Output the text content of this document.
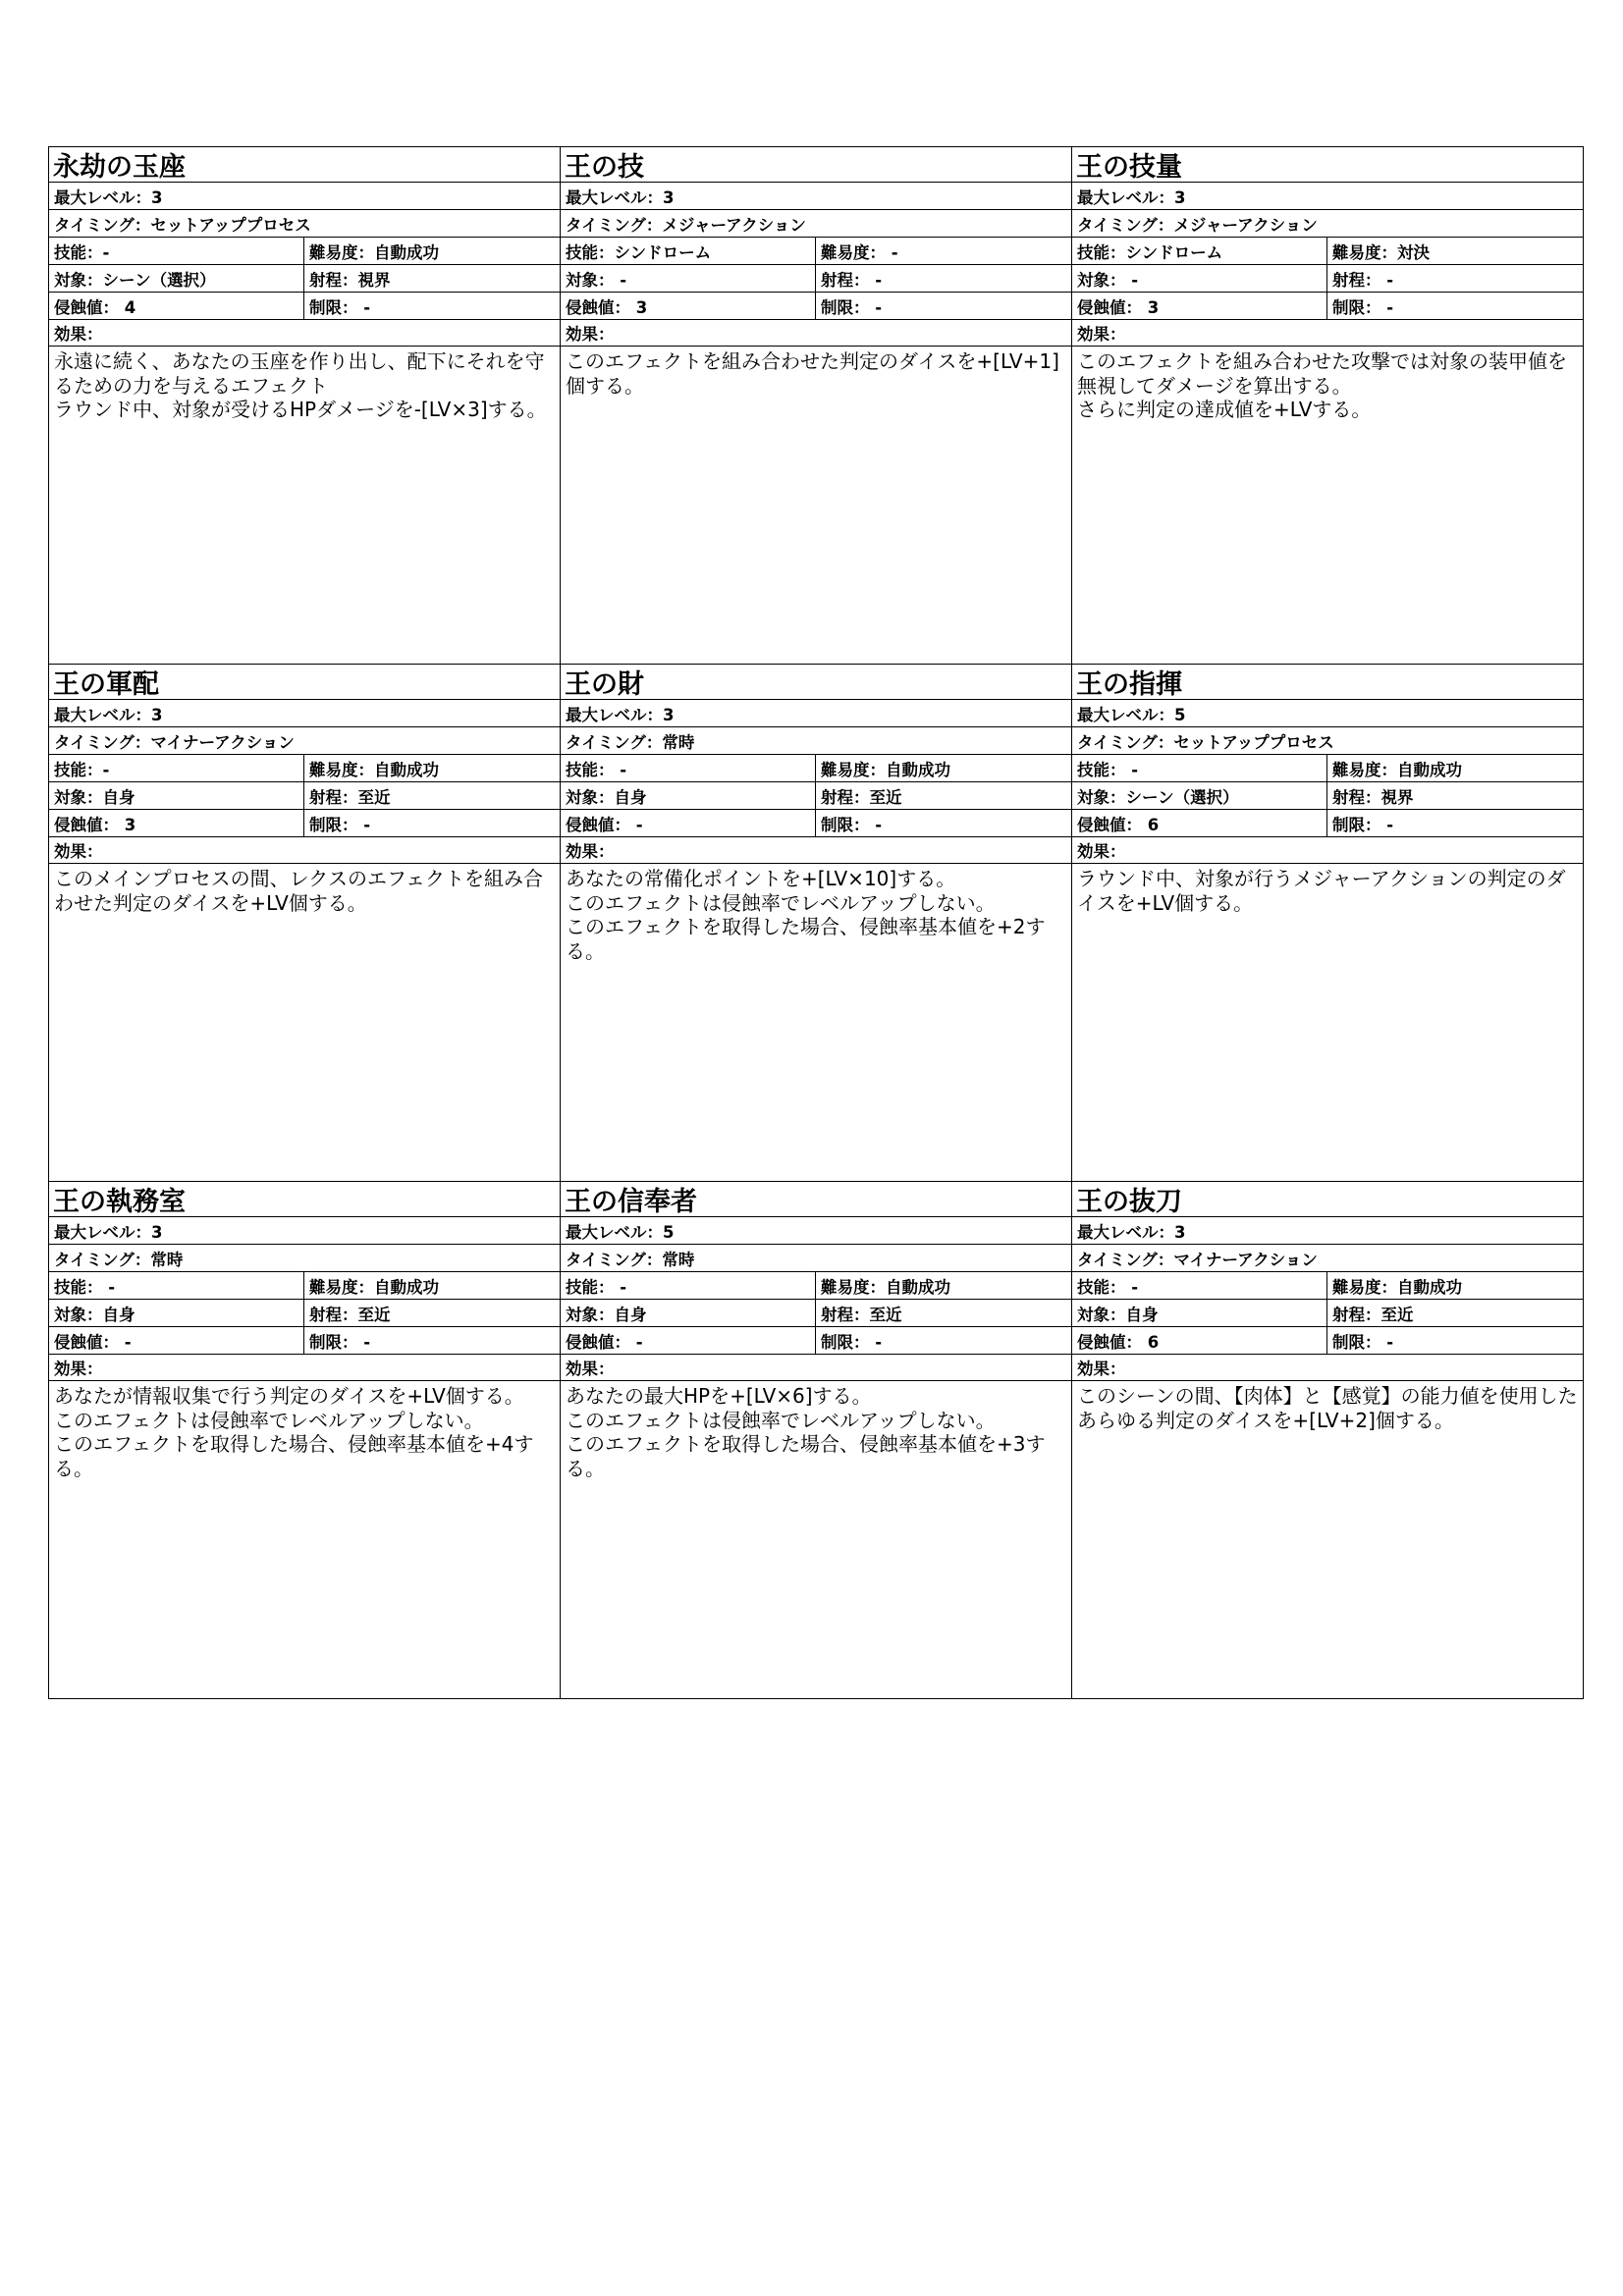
永劫の玉座
最大レベル：3
タイミング：セットアッププロセス
技能：-	難易度：自動成功
対象：シーン（選択）	射程：視界
侵蝕値： 4	制限： -
効果：

永遠に続く、あなたの玉座を作り出し、配下にそれを守るための力を与えるエフェクト

ラウンド中、対象が受けるHPダメージを-[LV×3]する。

王の技
最大レベル：3
タイミング：メジャーアクション
技能：シンドローム	難易度： -
対象： -	射程： -
侵蝕値： 3	制限： -
効果：

このエフェクトを組み合わせた判定のダイスを+[LV+1]個する。

王の技量
最大レベル：3
タイミング：メジャーアクション
技能：シンドローム	難易度：対決
対象： -	射程： -
侵蝕値： 3	制限： -
効果：

このエフェクトを組み合わせた攻撃では対象の装甲値を無視してダメージを算出する。

さらに判定の達成値を+LVする。

王の軍配
最大レベル：3
タイミング：マイナーアクション
技能：-	難易度：自動成功
対象：自身	射程：至近
侵蝕値： 3	制限： -
効果：

このメインプロセスの間、レクスのエフェクトを組み合わせた判定のダイスを+LV個する。

王の財
最大レベル：3
タイミング：常時
技能： -	難易度：自動成功
対象：自身	射程：至近
侵蝕値： -	制限： -
効果：

あなたの常備化ポイントを+[LV×10]する。

このエフェクトは侵蝕率でレベルアップしない。

このエフェクトを取得した場合、侵蝕率基本値を+2する。

王の指揮
最大レベル：5
タイミング：セットアッププロセス
技能： -	難易度：自動成功
対象：シーン（選択）	射程：視界
侵蝕値： 6	制限： -
効果：

ラウンド中、対象が行うメジャーアクションの判定のダイスを+LV個する。

王の執務室
最大レベル：3
タイミング：常時
技能： -	難易度：自動成功
対象：自身	射程：至近
侵蝕値： -	制限： -
効果：

あなたが情報収集で行う判定のダイスを+LV個する。

このエフェクトは侵蝕率でレベルアップしない。

このエフェクトを取得した場合、侵蝕率基本値を+4する。

王の信奉者
最大レベル：5
タイミング：常時
技能： -	難易度：自動成功
対象：自身	射程：至近
侵蝕値： -	制限： -
効果：

あなたの最大HPを+[LV×6]する。

このエフェクトは侵蝕率でレベルアップしない。

このエフェクトを取得した場合、侵蝕率基本値を+3する。

王の抜刀
最大レベル：3
タイミング：マイナーアクション
技能： -	難易度：自動成功
対象：自身	射程：至近
侵蝕値： 6	制限： -
効果：

このシーンの間、【肉体】と【感覚】の能力値を使用したあらゆる判定のダイスを+[LV+2]個する。
